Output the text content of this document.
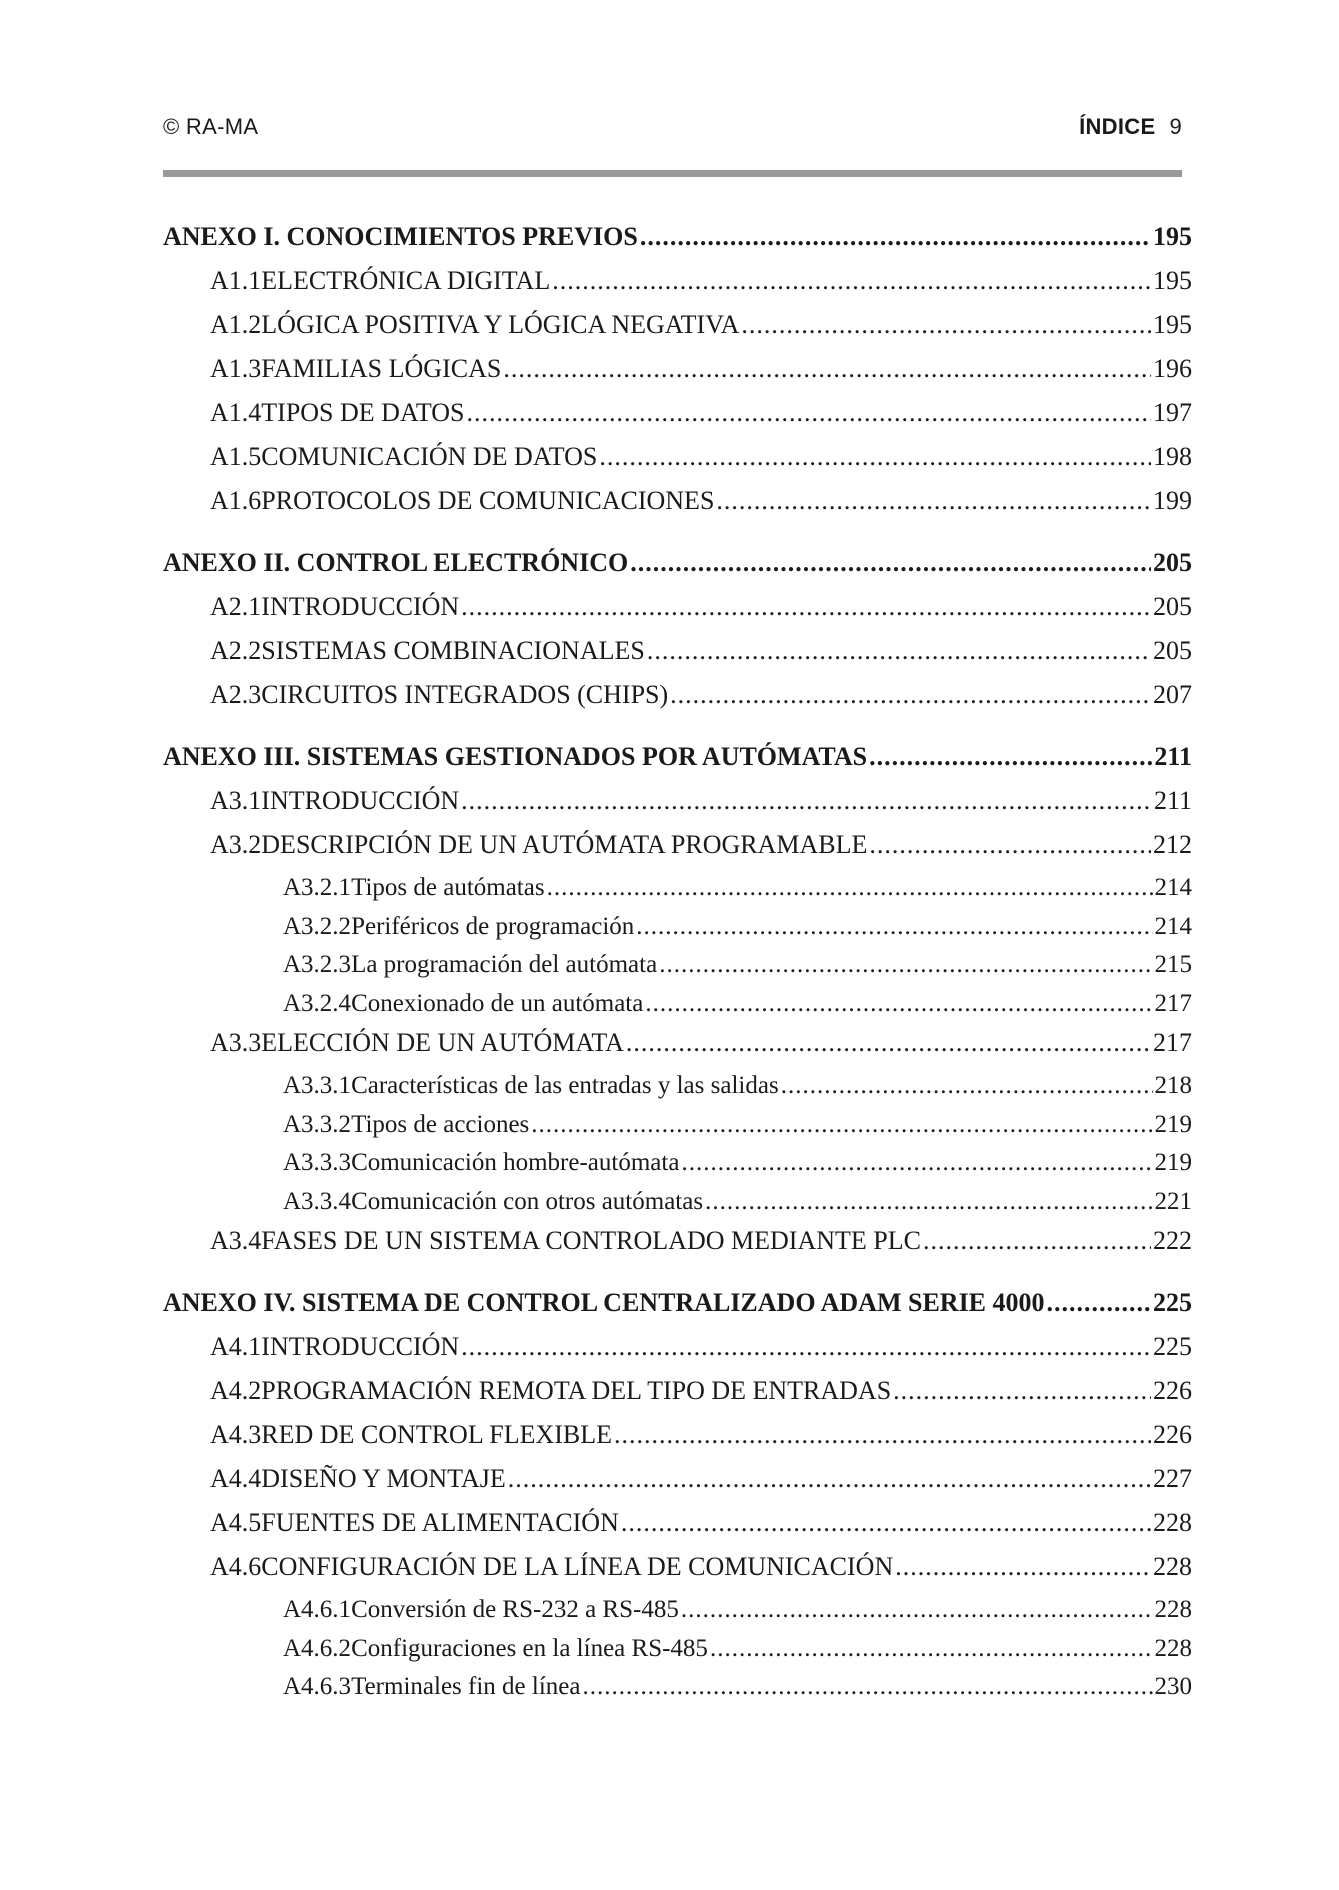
© RA-MA	ÍNDICE 9
ANEXO I. CONOCIMIENTOS PREVIOS .....	195
A1.1 ELECTRÓNICA DIGITAL .....	195
A1.2 LÓGICA POSITIVA Y LÓGICA NEGATIVA .....	195
A1.3 FAMILIAS LÓGICAS .....	196
A1.4 TIPOS DE DATOS .....	197
A1.5 COMUNICACIÓN DE DATOS .....	198
A1.6 PROTOCOLOS DE COMUNICACIONES .....	199
ANEXO II. CONTROL ELECTRÓNICO .....	205
A2.1 INTRODUCCIÓN .....	205
A2.2 SISTEMAS COMBINACIONALES .....	205
A2.3 CIRCUITOS INTEGRADOS (CHIPS) .....	207
ANEXO III. SISTEMAS GESTIONADOS POR AUTÓMATAS .....	211
A3.1 INTRODUCCIÓN .....	211
A3.2 DESCRIPCIÓN DE UN AUTÓMATA PROGRAMABLE .....	212
A3.2.1 Tipos de autómatas .....	214
A3.2.2 Periféricos de programación .....	214
A3.2.3 La programación del autómata .....	215
A3.2.4 Conexionado de un autómata .....	217
A3.3 ELECCIÓN DE UN AUTÓMATA .....	217
A3.3.1 Características de las entradas y las salidas .....	218
A3.3.2 Tipos de acciones .....	219
A3.3.3 Comunicación hombre-autómata .....	219
A3.3.4 Comunicación con otros autómatas .....	221
A3.4 FASES DE UN SISTEMA CONTROLADO MEDIANTE PLC .....	222
ANEXO IV. SISTEMA DE CONTROL CENTRALIZADO ADAM SERIE 4000 .....	225
A4.1 INTRODUCCIÓN .....	225
A4.2 PROGRAMACIÓN REMOTA DEL TIPO DE ENTRADAS .....	226
A4.3 RED DE CONTROL FLEXIBLE .....	226
A4.4 DISEÑO Y MONTAJE .....	227
A4.5 FUENTES DE ALIMENTACIÓN .....	228
A4.6 CONFIGURACIÓN DE LA LÍNEA DE COMUNICACIÓN .....	228
A4.6.1 Conversión de RS-232 a RS-485 .....	228
A4.6.2 Configuraciones en la línea RS-485 .....	228
A4.6.3 Terminales fin de línea .....	230
